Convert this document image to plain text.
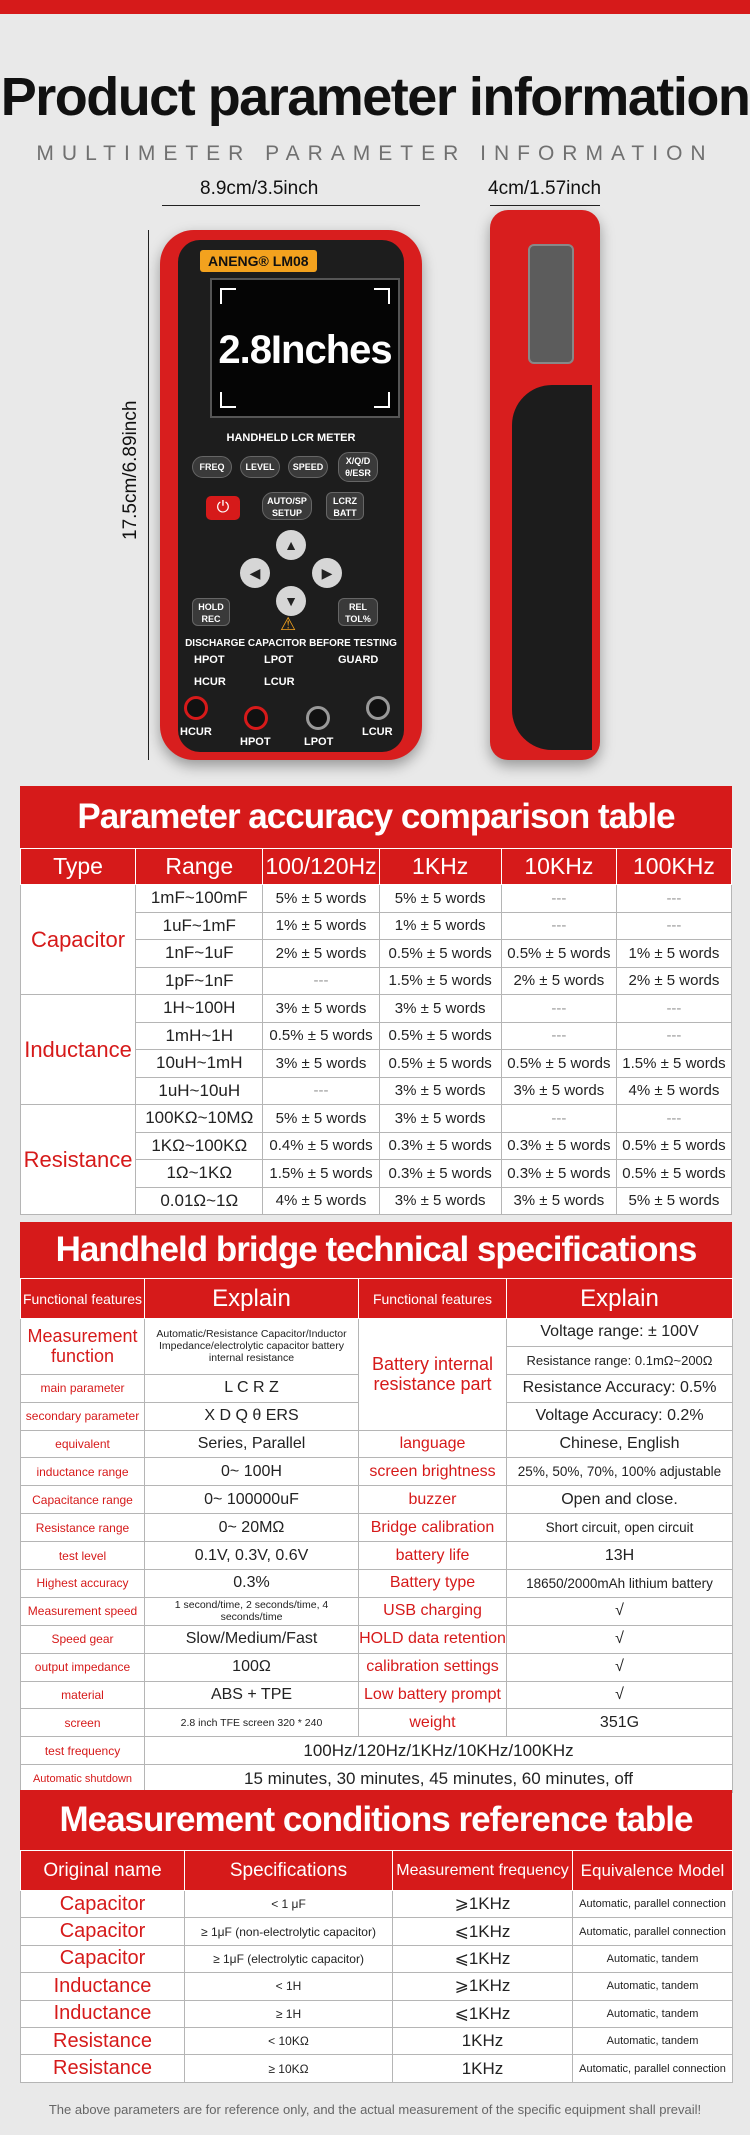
Product parameter information
MULTIMETER PARAMETER INFORMATION
8.9cm/3.5inch	4cm/1.57inch
17.5cm/6.89inch
ANENG® LM08
2.8Inches
HANDHELD LCR METER
FREQ	LEVEL	SPEED
X/Q/D θ/ESR
⏻	AUTO/SP SETUP
LCRZ BATT
▲
◀	▶
▼
HOLD REC
REL TOL%
⚠
DISCHARGE CAPACITOR BEFORE TESTING
HPOT	LPOT	GUARD
HCUR	LCUR
HCUR
HPOT	LPOT
LCUR
Parameter accuracy comparison table
Type	Range	100/120Hz	1KHz	10KHz	100KHz
Capacitor	1mF~100mF	5% ± 5 words	5% ± 5 words	---	---
	1uF~1mF	1% ± 5 words	1% ± 5 words	---	---
	1nF~1uF	2% ± 5 words	0.5% ± 5 words	0.5% ± 5 words	1% ± 5 words
	1pF~1nF	---	1.5% ± 5 words	2% ± 5 words	2% ± 5 words
Inductance	1H~100H	3% ± 5 words	3% ± 5 words	---	---
	1mH~1H	0.5% ± 5 words	0.5% ± 5 words	---	---
	10uH~1mH	3% ± 5 words	0.5% ± 5 words	0.5% ± 5 words	1.5% ± 5 words
	1uH~10uH	---	3% ± 5 words	3% ± 5 words	4% ± 5 words
Resistance	100KΩ~10MΩ	5% ± 5 words	3% ± 5 words	---	---
	1KΩ~100KΩ	0.4% ± 5 words	0.3% ± 5 words	0.3% ± 5 words	0.5% ± 5 words
	1Ω~1KΩ	1.5% ± 5 words	0.3% ± 5 words	0.3% ± 5 words	0.5% ± 5 words
	0.01Ω~1Ω	4% ± 5 words	3% ± 5 words	3% ± 5 words	5% ± 5 words
Handheld bridge technical specifications
Functional features	Explain	Functional features	Explain
Measurement function	Automatic/Resistance Capacitor/Inductor Impedance/electrolytic capacitor battery internal resistance	Battery internal resistance part	Voltage range: ± 100V
			Resistance range: 0.1mΩ~200Ω
main parameter	L C R Z		Resistance Accuracy: 0.5%
secondary parameter	X D Q θ ERS		Voltage Accuracy: 0.2%
equivalent	Series, Parallel	language	Chinese, English
inductance range	0~ 100H	screen brightness	25%, 50%, 70%, 100% adjustable
Capacitance range	0~ 100000uF	buzzer	Open and close.
Resistance range	0~ 20MΩ	Bridge calibration	Short circuit, open circuit
test level	0.1V, 0.3V, 0.6V	battery life	13H
Highest accuracy	0.3%	Battery type	18650/2000mAh lithium battery
Measurement speed	1 second/time, 2 seconds/time, 4 seconds/time	USB charging	√
Speed gear	Slow/Medium/Fast	HOLD data retention	√
output impedance	100Ω	calibration settings	√
material	ABS + TPE	Low battery prompt	√
screen	2.8 inch TFE screen 320 * 240	weight	351G
test frequency	100Hz/120Hz/1KHz/10KHz/100KHz		
Automatic shutdown	15 minutes, 30 minutes, 45 minutes, 60 minutes, off		
Measurement conditions reference table
Original name	Specifications	Measurement frequency	Equivalence Model
Capacitor	< 1 μF	⩾1KHz	Automatic, parallel connection
Capacitor	≥ 1μF (non-electrolytic capacitor)	⩽1KHz	Automatic, parallel connection
Capacitor	≥ 1μF (electrolytic capacitor)	⩽1KHz	Automatic, tandem
Inductance	< 1H	⩾1KHz	Automatic, tandem
Inductance	≥ 1H	⩽1KHz	Automatic, tandem
Resistance	< 10KΩ	1KHz	Automatic, tandem
Resistance	≥ 10KΩ	1KHz	Automatic, parallel connection
The above parameters are for reference only, and the actual measurement of the specific equipment shall prevail!
